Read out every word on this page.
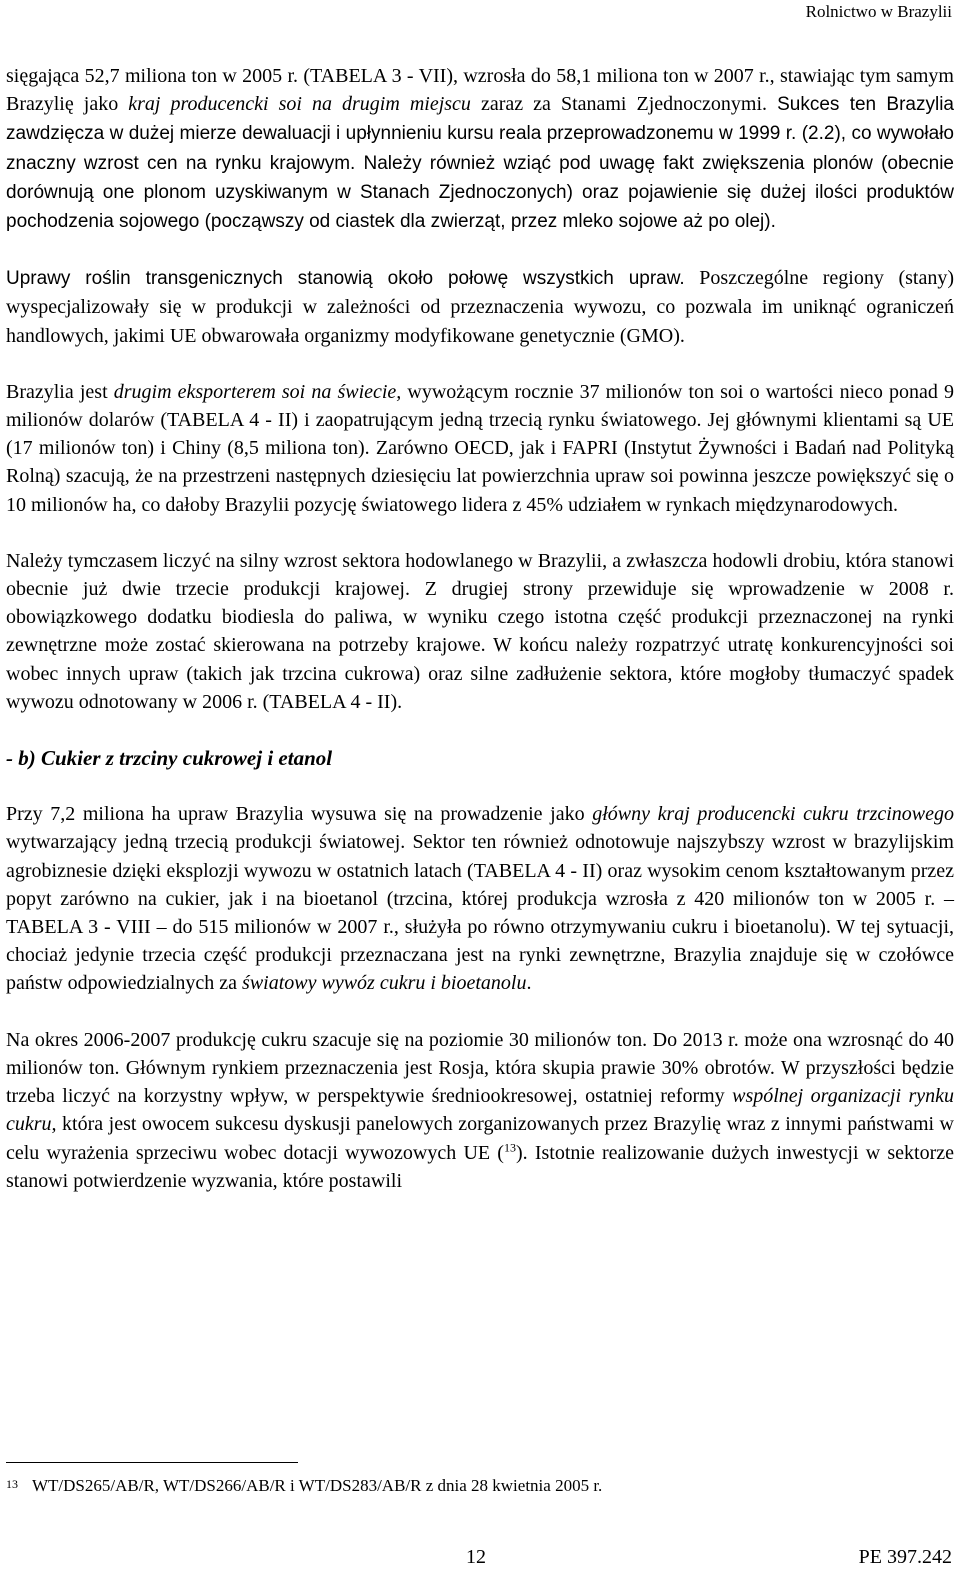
Rolnictwo w Brazylii

sięgająca 52,7 miliona ton w 2005 r. (TABELA 3 - VII), wzrosła do 58,1 miliona ton w 2007 r., stawiając tym samym Brazylię jako kraj producencki soi na drugim miejscu zaraz za Stanami Zjednoczonymi. Sukces ten Brazylia zawdzięcza w dużej mierze dewaluacji i upłynnieniu kursu reala przeprowadzonemu w 1999 r. (2.2), co wywołało znaczny wzrost cen na rynku krajowym. Należy również wziąć pod uwagę fakt zwiększenia plonów (obecnie dorównują one plonom uzyskiwanym w Stanach Zjednoczonych) oraz pojawienie się dużej ilości produktów pochodzenia sojowego (począwszy od ciastek dla zwierząt, przez mleko sojowe aż po olej).

Uprawy roślin transgenicznych stanowią około połowę wszystkich upraw. Poszczególne regiony (stany) wyspecjalizowały się w produkcji w zależności od przeznaczenia wywozu, co pozwala im uniknąć ograniczeń handlowych, jakimi UE obwarowała organizmy modyfikowane genetycznie (GMO).

Brazylia jest drugim eksporterem soi na świecie, wywożącym rocznie 37 milionów ton soi o wartości nieco ponad 9 milionów dolarów (TABELA 4 - II) i zaopatrującym jedną trzecią rynku światowego. Jej głównymi klientami są UE (17 milionów ton) i Chiny (8,5 miliona ton). Zarówno OECD, jak i FAPRI (Instytut Żywności i Badań nad Polityką Rolną) szacują, że na przestrzeni następnych dziesięciu lat powierzchnia upraw soi powinna jeszcze powiększyć się o 10 milionów ha, co dałoby Brazylii pozycję światowego lidera z 45% udziałem w rynkach międzynarodowych.

Należy tymczasem liczyć na silny wzrost sektora hodowlanego w Brazylii, a zwłaszcza hodowli drobiu, która stanowi obecnie już dwie trzecie produkcji krajowej. Z drugiej strony przewiduje się wprowadzenie w 2008 r. obowiązkowego dodatku biodiesla do paliwa, w wyniku czego istotna część produkcji przeznaczonej na rynki zewnętrzne może zostać skierowana na potrzeby krajowe. W końcu należy rozpatrzyć utratę konkurencyjności soi wobec innych upraw (takich jak trzcina cukrowa) oraz silne zadłużenie sektora, które mogłoby tłumaczyć spadek wywozu odnotowany w 2006 r. (TABELA 4 - II).

- b) Cukier z trzciny cukrowej i etanol

Przy 7,2 miliona ha upraw Brazylia wysuwa się na prowadzenie jako główny kraj producencki cukru trzcinowego wytwarzający jedną trzecią produkcji światowej. Sektor ten również odnotowuje najszybszy wzrost w brazylijskim agrobiznesie dzięki eksplozji wywozu w ostatnich latach (TABELA 4 - II) oraz wysokim cenom kształtowanym przez popyt zarówno na cukier, jak i na bioetanol (trzcina, której produkcja wzrosła z 420 milionów ton w 2005 r. – TABELA 3 - VIII – do 515 milionów w 2007 r., służyła po równo otrzymywaniu cukru i bioetanolu). W tej sytuacji, chociaż jedynie trzecia część produkcji przeznaczana jest na rynki zewnętrzne, Brazylia znajduje się w czołówce państw odpowiedzialnych za światowy wywóz cukru i bioetanolu.

Na okres 2006-2007 produkcję cukru szacuje się na poziomie 30 milionów ton. Do 2013 r. może ona wzrosnąć do 40 milionów ton. Głównym rynkiem przeznaczenia jest Rosja, która skupia prawie 30% obrotów. W przyszłości będzie trzeba liczyć na korzystny wpływ, w perspektywie średniookresowej, ostatniej reformy wspólnej organizacji rynku cukru, która jest owocem sukcesu dyskusji panelowych zorganizowanych przez Brazylię wraz z innymi państwami w celu wyrażenia sprzeciwu wobec dotacji wywozowych UE ($^{13}$). Istotnie realizowanie dużych inwestycji w sektorze stanowi potwierdzenie wyzwania, które postawili

$^{13}$ WT/DS265/AB/R, WT/DS266/AB/R i WT/DS283/AB/R z dnia 28 kwietnia 2005 r.
12	PE 397.242
